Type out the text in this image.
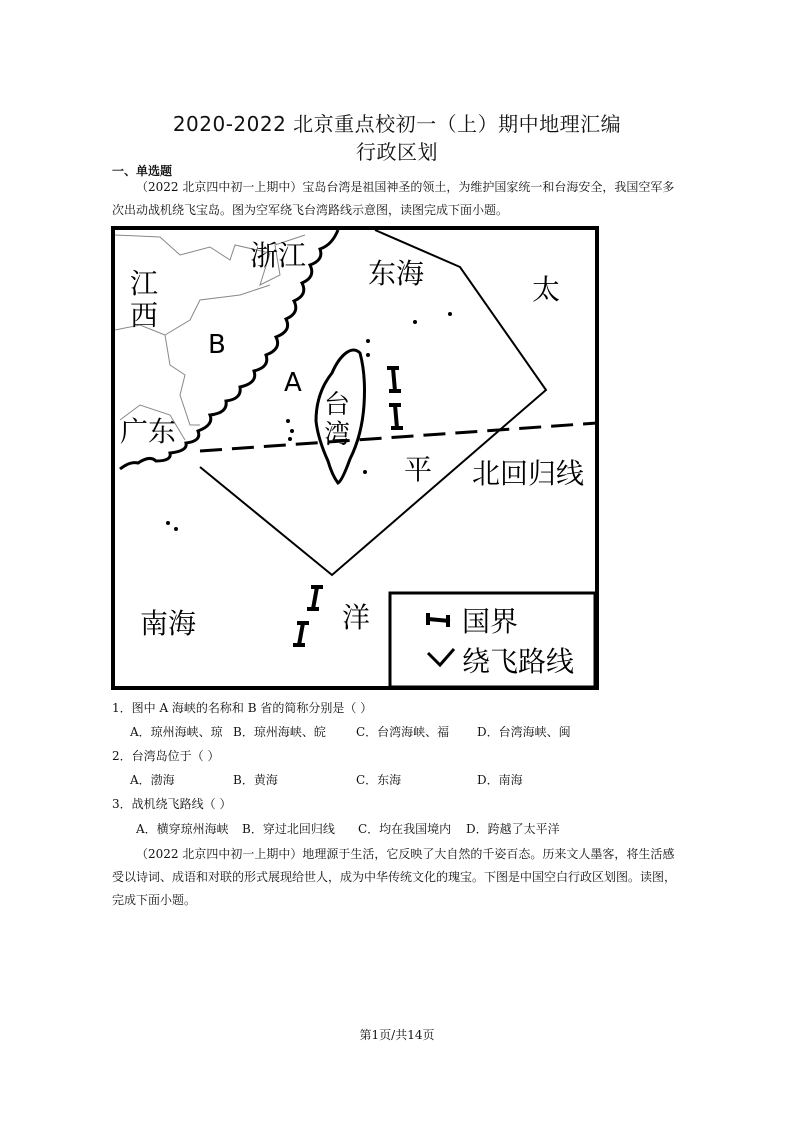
2020-2022 北京重点校初一（上）期中地理汇编
行政区划
一、单选题
（2022 北京四中初一上期中）宝岛台湾是祖国神圣的领土，为维护国家统一和台海安全，我国空军多次出动战机绕飞宝岛。图为空军绕飞台湾路线示意图，读图完成下面小题。
浙江
江
西
东海	太
B
A
台
湾
广东
平 北回归线
南海	洋	国界
绕飞路线
1．图中 A 海峡的名称和 B 省的简称分别是（ ）
A．琼州海峡、琼 B．琼州海峡、皖	C．台湾海峡、福 D．台湾海峡、闽
2．台湾岛位于（ ）
A．渤海	B．黄海	C．东海	D．南海
3．战机绕飞路线（ ）
A．横穿琼州海峡 B．穿过北回归线 C．均在我国境内 D．跨越了太平洋
（2022 北京四中初一上期中）地理源于生活，它反映了大自然的千姿百态。历来文人墨客，将生活感受以诗词、成语和对联的形式展现给世人，成为中华传统文化的瑰宝。下图是中国空白行政区划图。读图，完成下面小题。
第1页/共14页
